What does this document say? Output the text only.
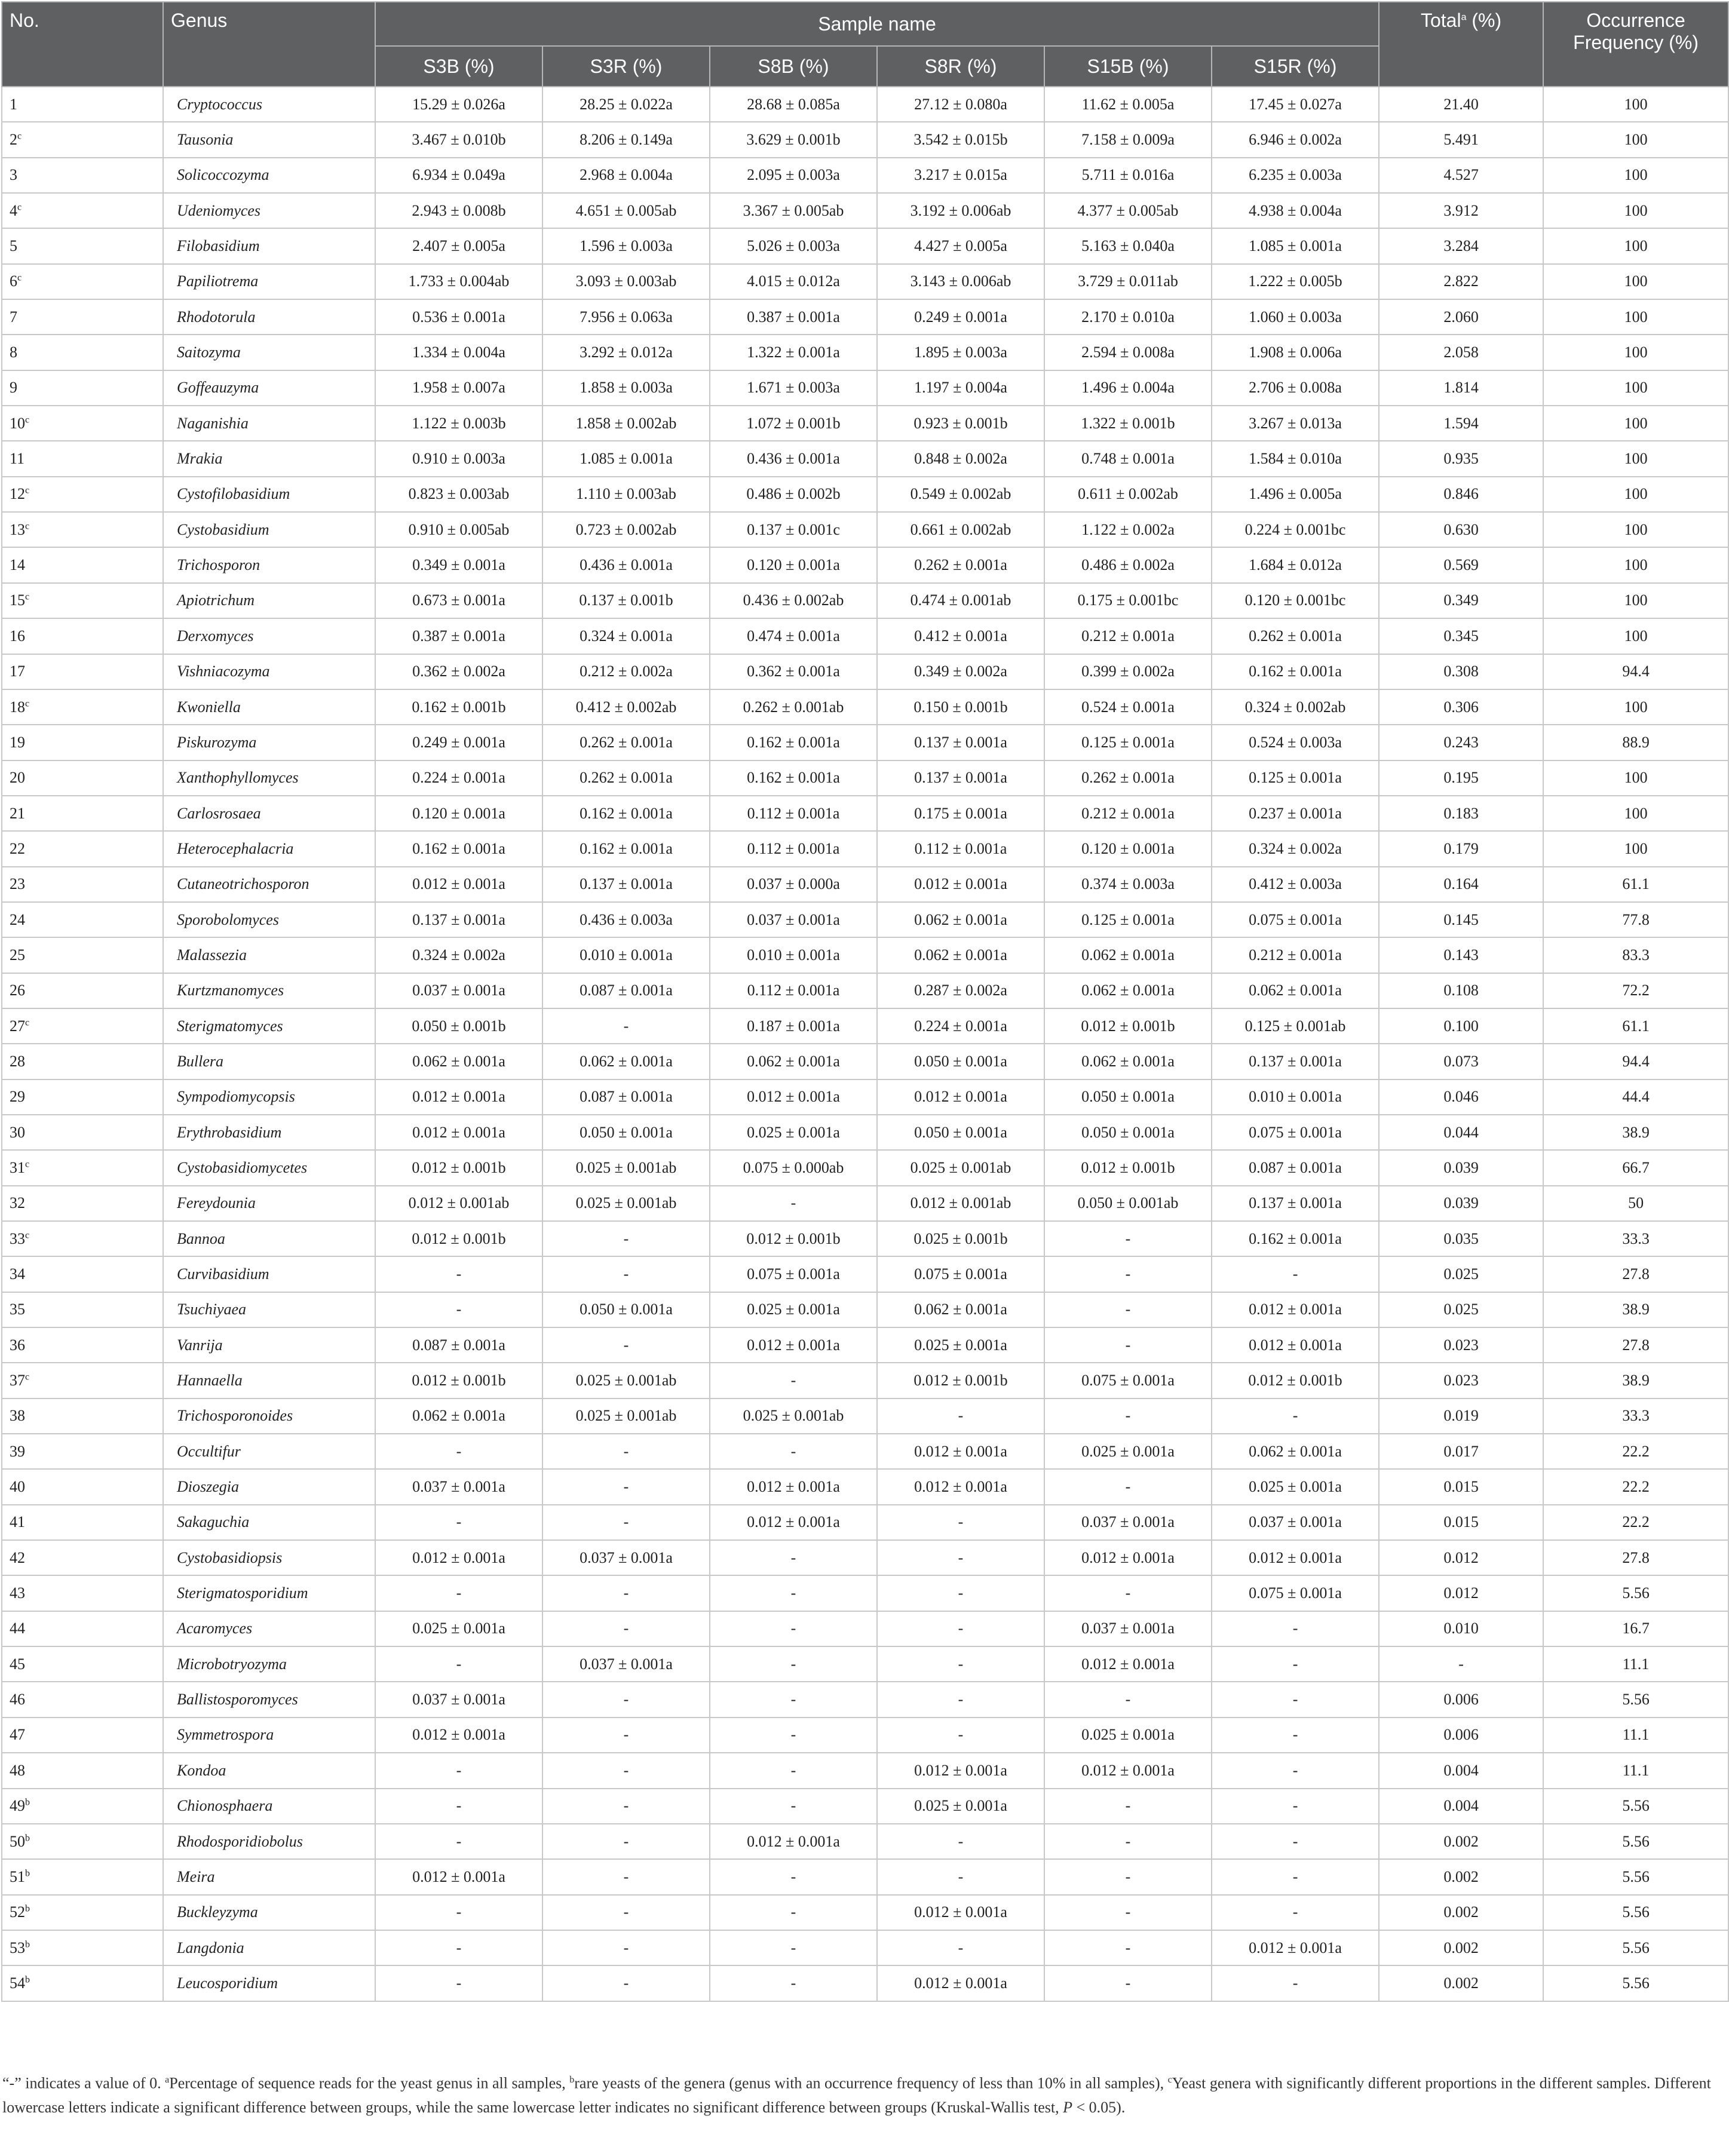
No.	Genus	Sample name						Total$^a$ (%)	Occurrence Frequency (%)
		S3B (%)	S3R (%)	S8B (%)	S8R (%)	S15B (%)	S15R (%)		
1	Cryptococcus	15.29 ± 0.026a	28.25 ± 0.022a	28.68 ± 0.085a	27.12 ± 0.080a	11.62 ± 0.005a	17.45 ± 0.027a	21.40	100
2$^c$	Tausonia	3.467 ± 0.010b	8.206 ± 0.149a	3.629 ± 0.001b	3.542 ± 0.015b	7.158 ± 0.009a	6.946 ± 0.002a	5.491	100
3	Solicoccozyma	6.934 ± 0.049a	2.968 ± 0.004a	2.095 ± 0.003a	3.217 ± 0.015a	5.711 ± 0.016a	6.235 ± 0.003a	4.527	100
4$^c$	Udeniomyces	2.943 ± 0.008b	4.651 ± 0.005ab	3.367 ± 0.005ab	3.192 ± 0.006ab	4.377 ± 0.005ab	4.938 ± 0.004a	3.912	100
5	Filobasidium	2.407 ± 0.005a	1.596 ± 0.003a	5.026 ± 0.003a	4.427 ± 0.005a	5.163 ± 0.040a	1.085 ± 0.001a	3.284	100
6$^c$	Papiliotrema	1.733 ± 0.004ab	3.093 ± 0.003ab	4.015 ± 0.012a	3.143 ± 0.006ab	3.729 ± 0.011ab	1.222 ± 0.005b	2.822	100
7	Rhodotorula	0.536 ± 0.001a	7.956 ± 0.063a	0.387 ± 0.001a	0.249 ± 0.001a	2.170 ± 0.010a	1.060 ± 0.003a	2.060	100
8	Saitozyma	1.334 ± 0.004a	3.292 ± 0.012a	1.322 ± 0.001a	1.895 ± 0.003a	2.594 ± 0.008a	1.908 ± 0.006a	2.058	100
9	Goffeauzyma	1.958 ± 0.007a	1.858 ± 0.003a	1.671 ± 0.003a	1.197 ± 0.004a	1.496 ± 0.004a	2.706 ± 0.008a	1.814	100
10$^c$	Naganishia	1.122 ± 0.003b	1.858 ± 0.002ab	1.072 ± 0.001b	0.923 ± 0.001b	1.322 ± 0.001b	3.267 ± 0.013a	1.594	100
11	Mrakia	0.910 ± 0.003a	1.085 ± 0.001a	0.436 ± 0.001a	0.848 ± 0.002a	0.748 ± 0.001a	1.584 ± 0.010a	0.935	100
12$^c$	Cystofilobasidium	0.823 ± 0.003ab	1.110 ± 0.003ab	0.486 ± 0.002b	0.549 ± 0.002ab	0.611 ± 0.002ab	1.496 ± 0.005a	0.846	100
13$^c$	Cystobasidium	0.910 ± 0.005ab	0.723 ± 0.002ab	0.137 ± 0.001c	0.661 ± 0.002ab	1.122 ± 0.002a	0.224 ± 0.001bc	0.630	100
14	Trichosporon	0.349 ± 0.001a	0.436 ± 0.001a	0.120 ± 0.001a	0.262 ± 0.001a	0.486 ± 0.002a	1.684 ± 0.012a	0.569	100
15$^c$	Apiotrichum	0.673 ± 0.001a	0.137 ± 0.001b	0.436 ± 0.002ab	0.474 ± 0.001ab	0.175 ± 0.001bc	0.120 ± 0.001bc	0.349	100
16	Derxomyces	0.387 ± 0.001a	0.324 ± 0.001a	0.474 ± 0.001a	0.412 ± 0.001a	0.212 ± 0.001a	0.262 ± 0.001a	0.345	100
17	Vishniacozyma	0.362 ± 0.002a	0.212 ± 0.002a	0.362 ± 0.001a	0.349 ± 0.002a	0.399 ± 0.002a	0.162 ± 0.001a	0.308	94.4
18$^c$	Kwoniella	0.162 ± 0.001b	0.412 ± 0.002ab	0.262 ± 0.001ab	0.150 ± 0.001b	0.524 ± 0.001a	0.324 ± 0.002ab	0.306	100
19	Piskurozyma	0.249 ± 0.001a	0.262 ± 0.001a	0.162 ± 0.001a	0.137 ± 0.001a	0.125 ± 0.001a	0.524 ± 0.003a	0.243	88.9
20	Xanthophyllomyces	0.224 ± 0.001a	0.262 ± 0.001a	0.162 ± 0.001a	0.137 ± 0.001a	0.262 ± 0.001a	0.125 ± 0.001a	0.195	100
21	Carlosrosaea	0.120 ± 0.001a	0.162 ± 0.001a	0.112 ± 0.001a	0.175 ± 0.001a	0.212 ± 0.001a	0.237 ± 0.001a	0.183	100
22	Heterocephalacria	0.162 ± 0.001a	0.162 ± 0.001a	0.112 ± 0.001a	0.112 ± 0.001a	0.120 ± 0.001a	0.324 ± 0.002a	0.179	100
23	Cutaneotrichosporon	0.012 ± 0.001a	0.137 ± 0.001a	0.037 ± 0.000a	0.012 ± 0.001a	0.374 ± 0.003a	0.412 ± 0.003a	0.164	61.1
24	Sporobolomyces	0.137 ± 0.001a	0.436 ± 0.003a	0.037 ± 0.001a	0.062 ± 0.001a	0.125 ± 0.001a	0.075 ± 0.001a	0.145	77.8
25	Malassezia	0.324 ± 0.002a	0.010 ± 0.001a	0.010 ± 0.001a	0.062 ± 0.001a	0.062 ± 0.001a	0.212 ± 0.001a	0.143	83.3
26	Kurtzmanomyces	0.037 ± 0.001a	0.087 ± 0.001a	0.112 ± 0.001a	0.287 ± 0.002a	0.062 ± 0.001a	0.062 ± 0.001a	0.108	72.2
27$^c$	Sterigmatomyces	0.050 ± 0.001b	-	0.187 ± 0.001a	0.224 ± 0.001a	0.012 ± 0.001b	0.125 ± 0.001ab	0.100	61.1
28	Bullera	0.062 ± 0.001a	0.062 ± 0.001a	0.062 ± 0.001a	0.050 ± 0.001a	0.062 ± 0.001a	0.137 ± 0.001a	0.073	94.4
29	Sympodiomycopsis	0.012 ± 0.001a	0.087 ± 0.001a	0.012 ± 0.001a	0.012 ± 0.001a	0.050 ± 0.001a	0.010 ± 0.001a	0.046	44.4
30	Erythrobasidium	0.012 ± 0.001a	0.050 ± 0.001a	0.025 ± 0.001a	0.050 ± 0.001a	0.050 ± 0.001a	0.075 ± 0.001a	0.044	38.9
31$^c$	Cystobasidiomycetes	0.012 ± 0.001b	0.025 ± 0.001ab	0.075 ± 0.000ab	0.025 ± 0.001ab	0.012 ± 0.001b	0.087 ± 0.001a	0.039	66.7
32	Fereydounia	0.012 ± 0.001ab	0.025 ± 0.001ab	-	0.012 ± 0.001ab	0.050 ± 0.001ab	0.137 ± 0.001a	0.039	50
33$^c$	Bannoa	0.012 ± 0.001b	-	0.012 ± 0.001b	0.025 ± 0.001b	-	0.162 ± 0.001a	0.035	33.3
34	Curvibasidium	-	-	0.075 ± 0.001a	0.075 ± 0.001a	-	-	0.025	27.8
35	Tsuchiyaea	-	0.050 ± 0.001a	0.025 ± 0.001a	0.062 ± 0.001a	-	0.012 ± 0.001a	0.025	38.9
36	Vanrija	0.087 ± 0.001a	-	0.012 ± 0.001a	0.025 ± 0.001a	-	0.012 ± 0.001a	0.023	27.8
37$^c$	Hannaella	0.012 ± 0.001b	0.025 ± 0.001ab	-	0.012 ± 0.001b	0.075 ± 0.001a	0.012 ± 0.001b	0.023	38.9
38	Trichosporonoides	0.062 ± 0.001a	0.025 ± 0.001ab	0.025 ± 0.001ab	-	-	-	0.019	33.3
39	Occultifur	-	-	-	0.012 ± 0.001a	0.025 ± 0.001a	0.062 ± 0.001a	0.017	22.2
40	Dioszegia	0.037 ± 0.001a	-	0.012 ± 0.001a	0.012 ± 0.001a	-	0.025 ± 0.001a	0.015	22.2
41	Sakaguchia	-	-	0.012 ± 0.001a	-	0.037 ± 0.001a	0.037 ± 0.001a	0.015	22.2
42	Cystobasidiopsis	0.012 ± 0.001a	0.037 ± 0.001a	-	-	0.012 ± 0.001a	0.012 ± 0.001a	0.012	27.8
43	Sterigmatosporidium	-	-	-	-	-	0.075 ± 0.001a	0.012	5.56
44	Acaromyces	0.025 ± 0.001a	-	-	-	0.037 ± 0.001a	-	0.010	16.7
45	Microbotryozyma	-	0.037 ± 0.001a	-	-	0.012 ± 0.001a	-	-	11.1
46	Ballistosporomyces	0.037 ± 0.001a	-	-	-	-	-	0.006	5.56
47	Symmetrospora	0.012 ± 0.001a	-	-	-	0.025 ± 0.001a	-	0.006	11.1
48	Kondoa	-	-	-	0.012 ± 0.001a	0.012 ± 0.001a	-	0.004	11.1
49$^b$	Chionosphaera	-	-	-	0.025 ± 0.001a	-	-	0.004	5.56
50$^b$	Rhodosporidiobolus	-	-	0.012 ± 0.001a	-	-	-	0.002	5.56
51$^b$	Meira	0.012 ± 0.001a	-	-	-	-	-	0.002	5.56
52$^b$	Buckleyzyma	-	-	-	0.012 ± 0.001a	-	-	0.002	5.56
53$^b$	Langdonia	-	-	-	-	-	0.012 ± 0.001a	0.002	5.56
54$^b$	Leucosporidium	-	-	-	0.012 ± 0.001a	-	-	0.002	5.56
“-” indicates a value of 0. $^a$Percentage of sequence reads for the yeast genus in all samples, $^b$rare yeasts of the genera (genus with an occurrence frequency of less than 10% in all samples), $^c$Yeast genera with significantly different proportions in the different samples. Different lowercase letters indicate a significant difference between groups, while the same lowercase letter indicates no significant difference between groups (Kruskal-Wallis test, P < 0.05).
